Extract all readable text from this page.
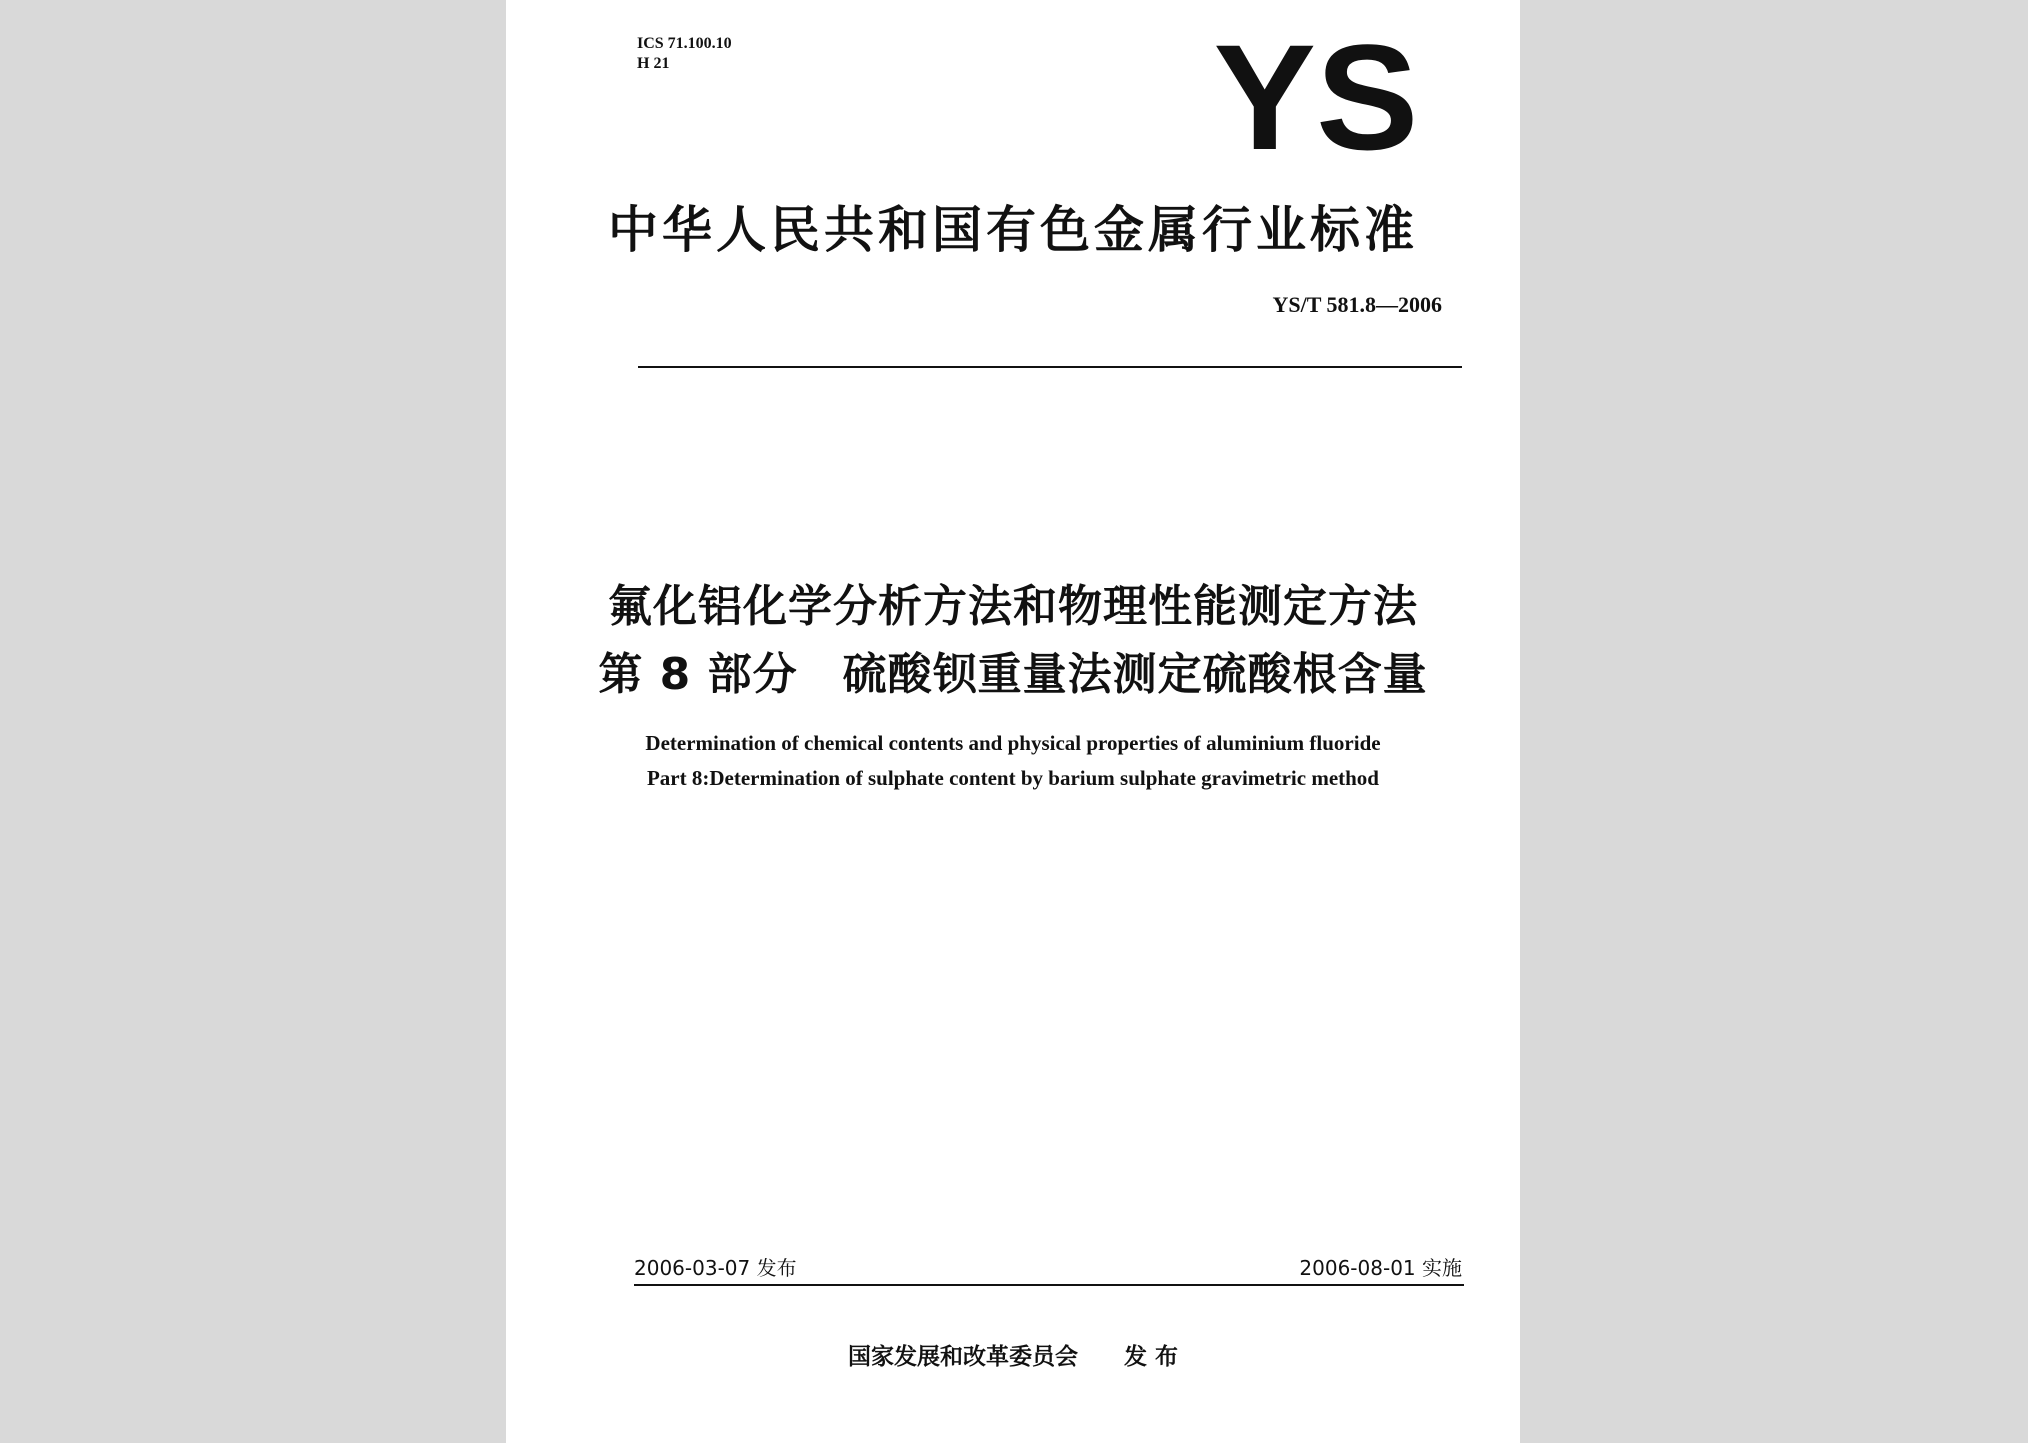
ICS 71.100.10
H 21	YS
中华人民共和国有色金属行业标准
YS/T 581.8—2006
氟化铝化学分析方法和物理性能测定方法
第 8 部分　硫酸钡重量法测定硫酸根含量
Determination of chemical contents and physical properties of aluminium fluoride
Part 8:Determination of sulphate content by barium sulphate gravimetric method
2006-03-07 发布	2006-08-01 实施
国家发展和改革委员会 发 布
